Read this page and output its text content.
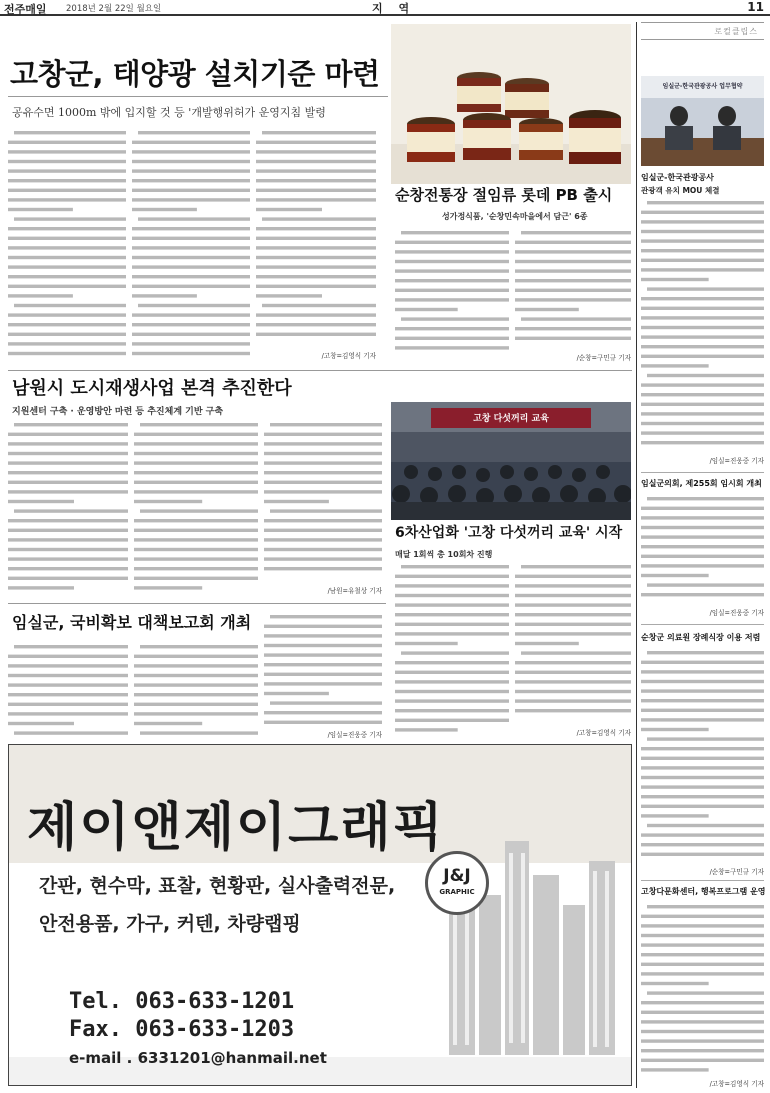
전주매일 2018년 2월 22일 월요일	지 역	11
고창군, 태양광 설치기준 마련
공유수면 1000m 밖에 입지할 것 등 '개발행위허가 운영지침 발령
/고창=김영식 기자
순창전통장 절임류 롯데 PB 출시
성가정식품, '순창민속마을에서 담근' 6종
/순창=구민규 기자
남원시 도시재생사업 본격 추진한다
지원센터 구축 · 운영방안 마련 등 추진체계 기반 구축
/남원=유철상 기자
고창 다섯꺼리 교육
6차산업화 '고창 다섯꺼리 교육' 시작
매달 1회씩 총 10회차 진행
/고창=김영식 기자
임실군, 국비확보 대책보고회 개최
/임실=진웅중 기자
로컬클립스
임실군-한국관광공사 업무협약
임실군-한국관광공사
관광객 유치 MOU 체결
/임실=진웅중 기자
임실군의회, 제255회 임시회 개최
/임실=진웅중 기자
순창군 의료원 장례식장 이용 저렴
/순창=구민규 기자
고창다문화센터, 행복프로그램 운영
/고창=김영식 기자
제이앤제이그래픽
J&J
GRAPHIC
간판, 현수막, 표찰, 현황판, 실사출력전문,
안전용품, 가구, 커텐, 차량랩핑
Tel. 063-633-1201
Fax. 063-633-1203
e-mail . 6331201@hanmail.net
